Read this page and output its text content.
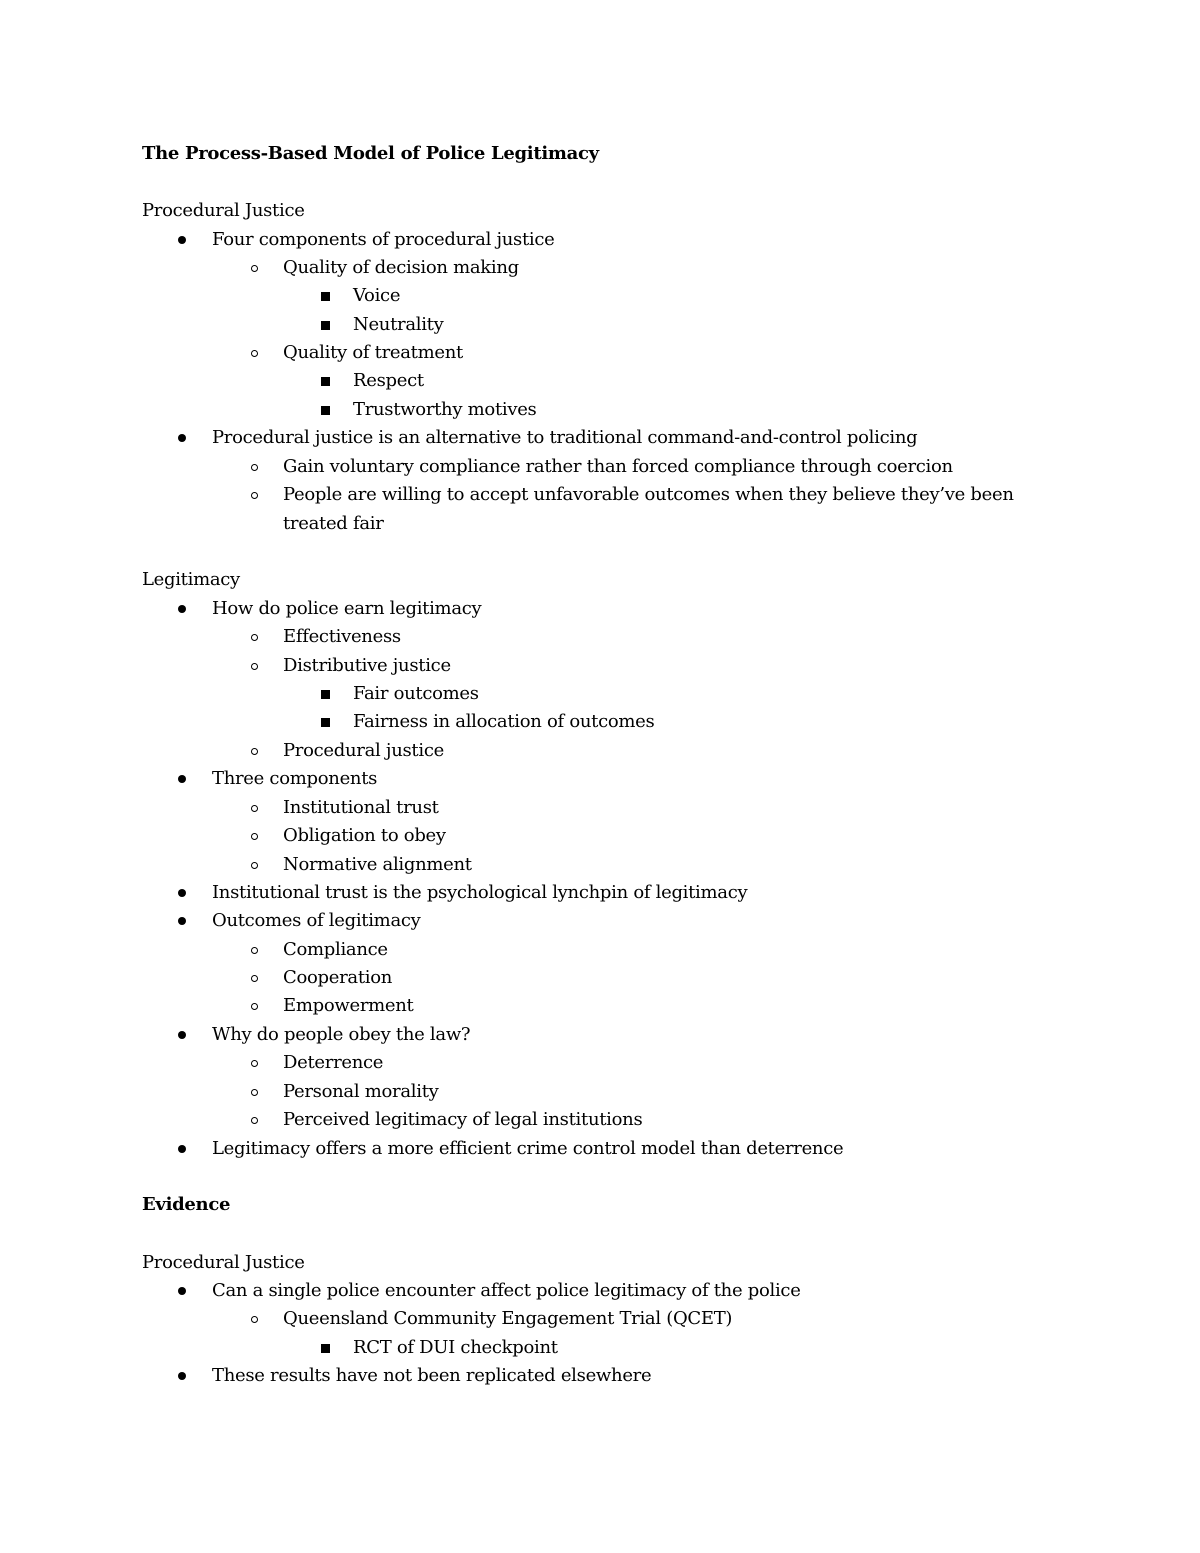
The Process-Based Model of Police Legitimacy
Procedural Justice
Four components of procedural justice
Quality of decision making
Voice
Neutrality
Quality of treatment
Respect
Trustworthy motives
Procedural justice is an alternative to traditional command-and-control policing
Gain voluntary compliance rather than forced compliance through coercion
People are willing to accept unfavorable outcomes when they believe they’ve been
treated fair
Legitimacy
How do police earn legitimacy
Effectiveness
Distributive justice
Fair outcomes
Fairness in allocation of outcomes
Procedural justice
Three components
Institutional trust
Obligation to obey
Normative alignment
Institutional trust is the psychological lynchpin of legitimacy
Outcomes of legitimacy
Compliance
Cooperation
Empowerment
Why do people obey the law?
Deterrence
Personal morality
Perceived legitimacy of legal institutions
Legitimacy offers a more efficient crime control model than deterrence
Evidence
Procedural Justice
Can a single police encounter affect police legitimacy of the police
Queensland Community Engagement Trial (QCET)
RCT of DUI checkpoint
These results have not been replicated elsewhere
